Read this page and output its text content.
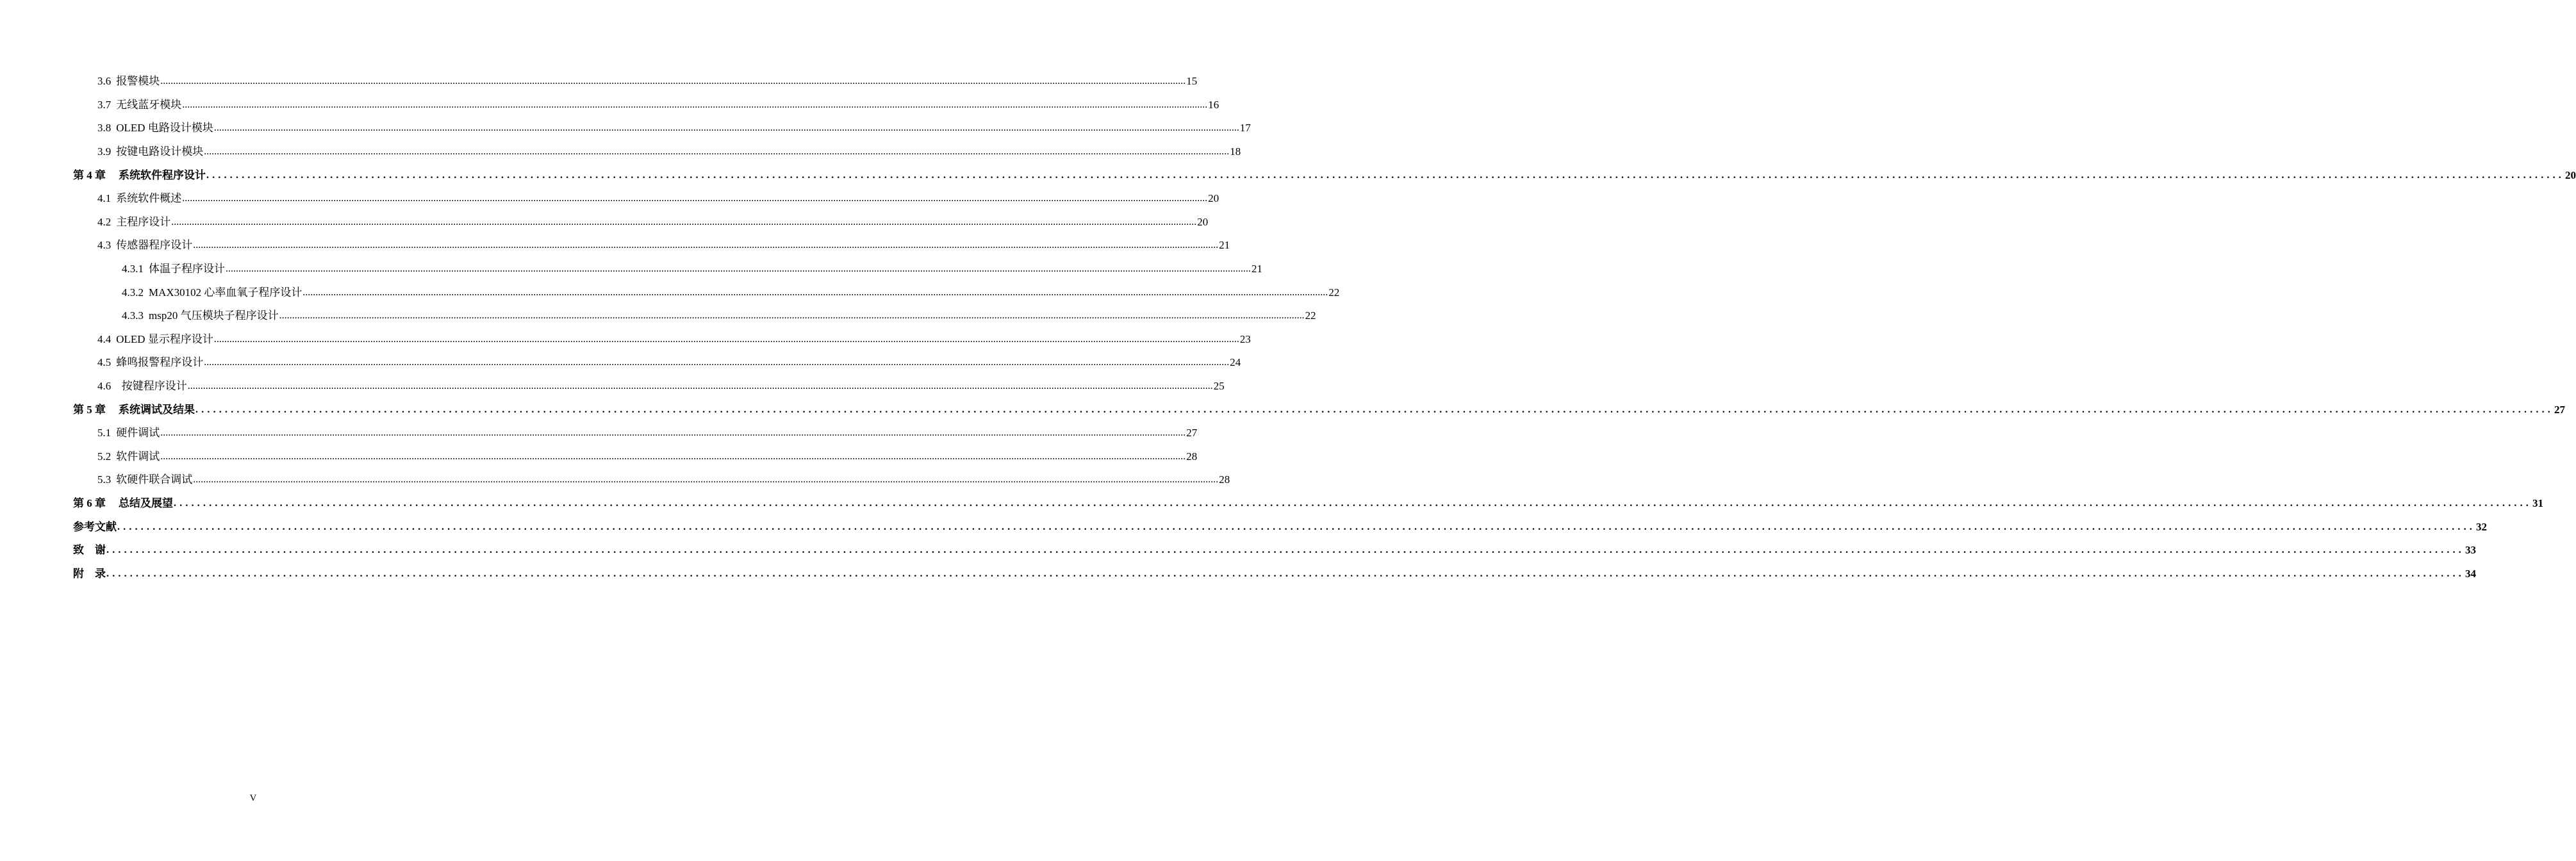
3.6 报警模块 ................................................................................................................................................................................................................................................................................................................................................................................................................ 15
3.7 无线蓝牙模块 ................................................................................................................................................................................................................................................................................................................................................................................................................ 16
3.8 OLED 电路设计模块 ................................................................................................................................................................................................................................................................................................................................................................................................................ 17
3.9 按键电路设计模块 ................................................................................................................................................................................................................................................................................................................................................................................................................ 18
第 4 章 系统软件程序设计 ................................................................................................................................................................................................................................................................................................................................................................................................................ 20
4.1 系统软件概述 ................................................................................................................................................................................................................................................................................................................................................................................................................ 20
4.2 主程序设计 ................................................................................................................................................................................................................................................................................................................................................................................................................ 20
4.3 传感器程序设计 ................................................................................................................................................................................................................................................................................................................................................................................................................ 21
4.3.1 体温子程序设计 ................................................................................................................................................................................................................................................................................................................................................................................................................ 21
4.3.2 MAX30102 心率血氧子程序设计 ................................................................................................................................................................................................................................................................................................................................................................................................................ 22
4.3.3 msp20 气压模块子程序设计 ................................................................................................................................................................................................................................................................................................................................................................................................................ 22
4.4 OLED 显示程序设计 ................................................................................................................................................................................................................................................................................................................................................................................................................ 23
4.5 蜂鸣报警程序设计 ................................................................................................................................................................................................................................................................................................................................................................................................................ 24
4.6 按键程序设计 ................................................................................................................................................................................................................................................................................................................................................................................................................ 25
第 5 章 系统调试及结果 ................................................................................................................................................................................................................................................................................................................................................................................................................ 27
5.1 硬件调试 ................................................................................................................................................................................................................................................................................................................................................................................................................ 27
5.2 软件调试 ................................................................................................................................................................................................................................................................................................................................................................................................................ 28
5.3 软硬件联合调试 ................................................................................................................................................................................................................................................................................................................................................................................................................ 28
第 6 章 总结及展望 ................................................................................................................................................................................................................................................................................................................................................................................................................ 31
参考文献 ................................................................................................................................................................................................................................................................................................................................................................................................................ 32
致    谢 ................................................................................................................................................................................................................................................................................................................................................................................................................ 33
附    录 ................................................................................................................................................................................................................................................................................................................................................................................................................ 34
V
